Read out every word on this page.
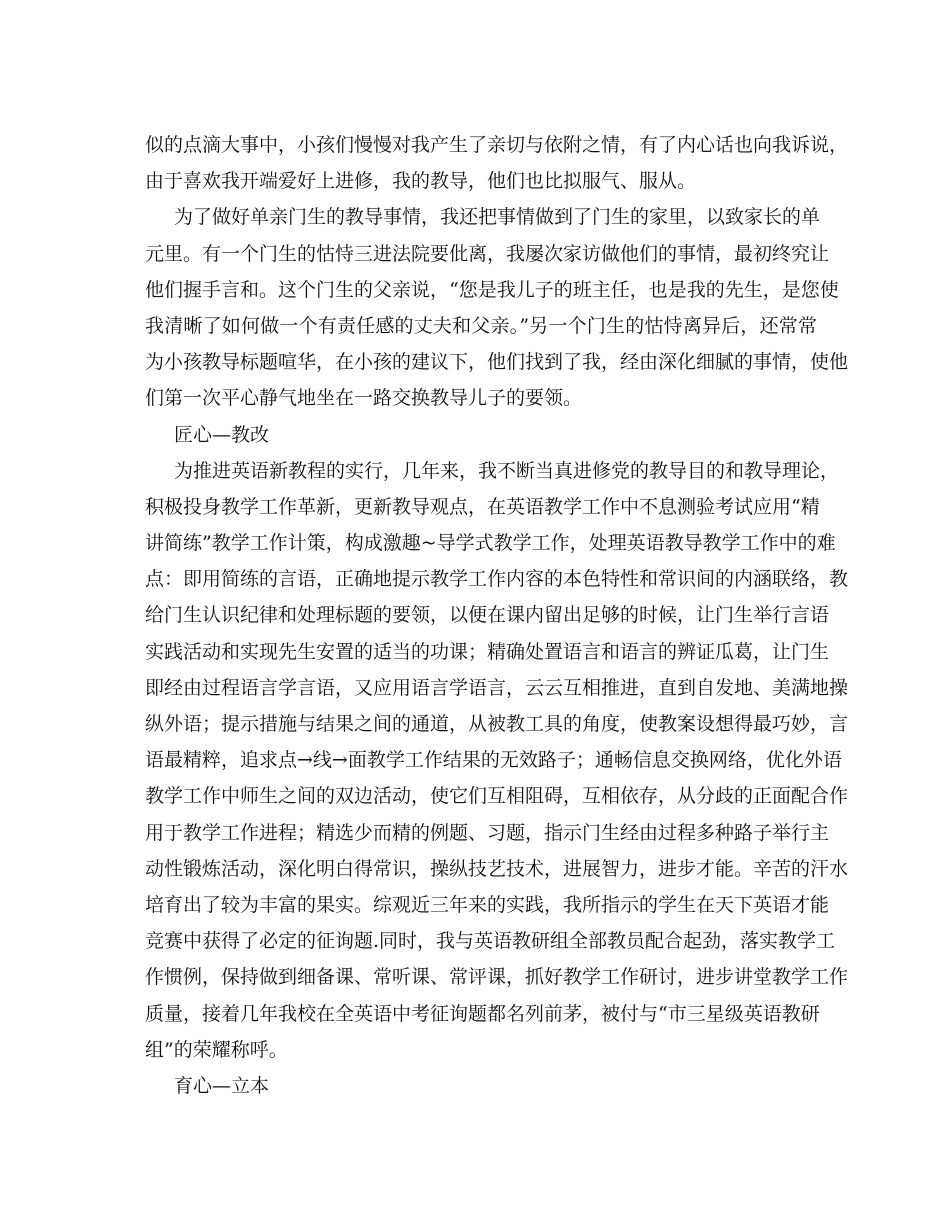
似的点滴大事中，小孩们慢慢对我产生了亲切与依附之情，有了内心话也向我诉说，
由于喜欢我开端爱好上进修，我的教导，他们也比拟服气、服从。
为了做好单亲门生的教导事情，我还把事情做到了门生的家里，以致家长的单
元里。有一个门生的怙恃三进法院要仳离，我屡次家访做他们的事情，最初终究让
他们握手言和。这个门生的父亲说，“您是我儿子的班主任，也是我的先生，是您使
我清晰了如何做一个有责任感的丈夫和父亲。”另一个门生的怙恃离异后，还常常
为小孩教导标题喧华，在小孩的建议下，他们找到了我，经由深化细腻的事情，使他
们第一次平心静气地坐在一路交换教导儿子的要领。
匠心—教改
为推进英语新教程的实行，几年来，我不断当真进修党的教导目的和教导理论，
积极投身教学工作革新，更新教导观点，在英语教学工作中不息测验考试应用“精
讲简练”教学工作计策，构成激趣~导学式教学工作，处理英语教导教学工作中的难
点：即用简练的言语，正确地提示教学工作内容的本色特性和常识间的内涵联络，教
给门生认识纪律和处理标题的要领，以便在课内留出足够的时候，让门生举行言语
实践活动和实现先生安置的适当的功课；精确处置语言和语言的辨证瓜葛，让门生
即经由过程语言学言语，又应用语言学语言，云云互相推进，直到自发地、美满地操
纵外语；提示措施与结果之间的通道，从被教工具的角度，使教案设想得最巧妙，言
语最精粹，追求点→线→面教学工作结果的无效路子；通畅信息交换网络，优化外语
教学工作中师生之间的双边活动，使它们互相阻碍，互相依存，从分歧的正面配合作
用于教学工作进程；精选少而精的例题、习题，指示门生经由过程多种路子举行主
动性锻炼活动，深化明白得常识，操纵技艺技术，进展智力，进步才能。辛苦的汗水
培育出了较为丰富的果实。综观近三年来的实践，我所指示的学生在天下英语才能
竞赛中获得了必定的征询题.同时，我与英语教研组全部教员配合起劲，落实教学工
作惯例，保持做到细备课、常听课、常评课，抓好教学工作研讨，进步讲堂教学工作
质量，接着几年我校在全英语中考征询题都名列前茅，被付与“市三星级英语教研
组”的荣耀称呼。
育心—立本
